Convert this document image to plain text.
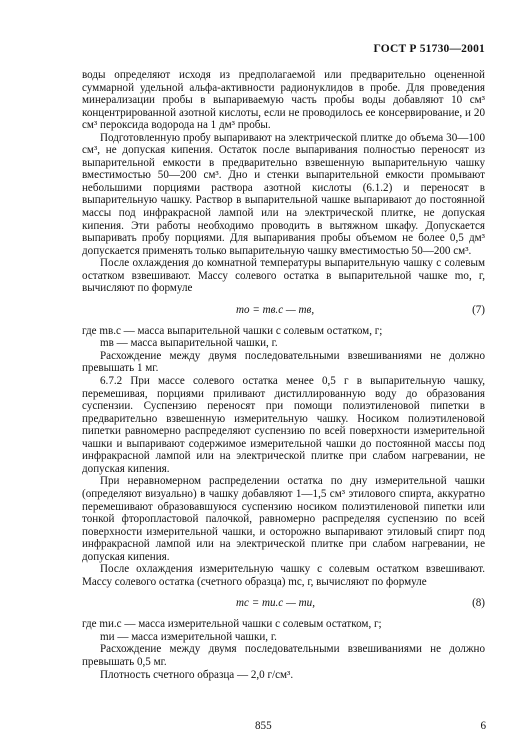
ГОСТ Р 51730—2001

воды определяют исходя из предполагаемой или предварительно оцененной суммарной удельной альфа-активности радионуклидов в пробе. Для проведения минерализации пробы в выпариваемую часть пробы воды добавляют 10 см³ концентрированной азотной кислоты, если не проводилось ее консервирование, и 20 см³ пероксида водорода на 1 дм³ пробы.

Подготовленную пробу выпаривают на электрической плитке до объема 30—100 см³, не допуская кипения. Остаток после выпаривания полностью переносят из выпарительной емкости в предварительно взвешенную выпарительную чашку вместимостью 50—200 см³. Дно и стенки выпарительной емкости промывают небольшими порциями раствора азотной кислоты (6.1.2) и переносят в выпарительную чашку. Раствор в выпарительной чашке выпаривают до постоянной массы под инфракрасной лампой или на электрической плитке, не допуская кипения. Эти работы необходимо проводить в вытяжном шкафу. Допускается выпаривать пробу порциями. Для выпаривания пробы объемом не более 0,5 дм³ допускается применять только выпарительную чашку вместимостью 50—200 см³.

После охлаждения до комнатной температуры выпарительную чашку с солевым остатком взвешивают. Массу солевого остатка в выпарительной чашке mo, г, вычисляют по формуле

mo = mв.с — mв,	(7)

где mв.с — масса выпарительной чашки с солевым остатком, г;

mв — масса выпарительной чашки, г.

Расхождение между двумя последовательными взвешиваниями не должно превышать 1 мг.

6.7.2 При массе солевого остатка менее 0,5 г в выпарительную чашку, перемешивая, порциями приливают дистиллированную воду до образования суспензии. Суспензию переносят при помощи полиэтиленовой пипетки в предварительно взвешенную измерительную чашку. Носиком полиэтиленовой пипетки равномерно распределяют суспензию по всей поверхности измерительной чашки и выпаривают содержимое измерительной чашки до постоянной массы под инфракрасной лампой или на электрической плитке при слабом нагревании, не допуская кипения.

При неравномерном распределении остатка по дну измерительной чашки (определяют визуально) в чашку добавляют 1—1,5 см³ этилового спирта, аккуратно перемешивают образовавшуюся суспензию носиком полиэтиленовой пипетки или тонкой фторопластовой палочкой, равномерно распределяя суспензию по всей поверхности измерительной чашки, и осторожно выпаривают этиловый спирт под инфракрасной лампой или на электрической плитке при слабом нагревании, не допуская кипения.

После охлаждения измерительную чашку с солевым остатком взвешивают. Массу солевого остатка (счетного образца) mс, г, вычисляют по формуле

mс = mи.с — mи,	(8)

где mи.с — масса измерительной чашки с солевым остатком, г;

mи — масса измерительной чашки, г.

Расхождение между двумя последовательными взвешиваниями не должно превышать 0,5 мг.

Плотность счетного образца — 2,0 г/см³.

855	6
